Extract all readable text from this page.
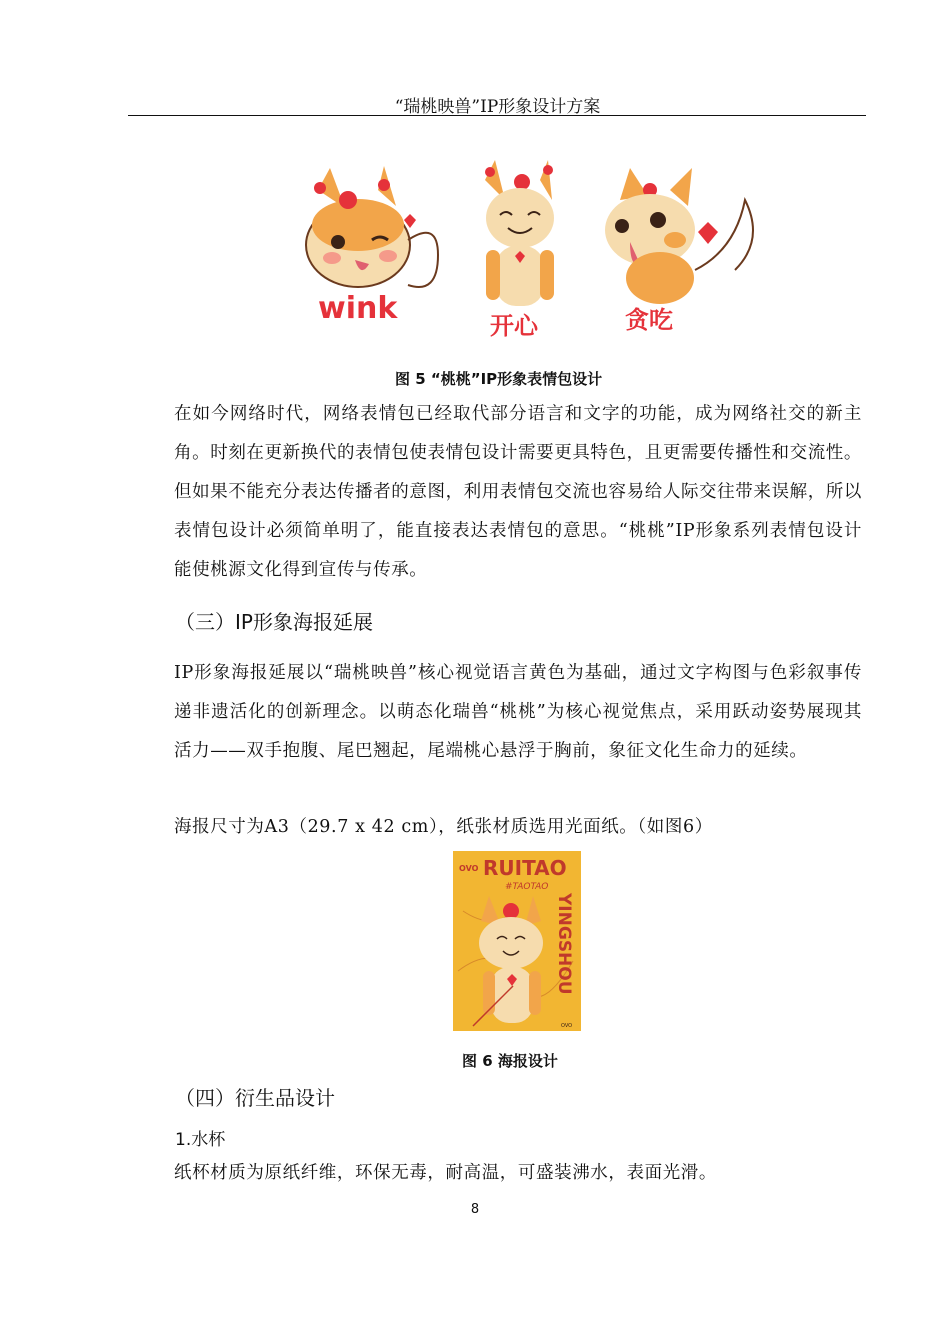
“瑞桃映兽”IP形象设计方案
wink	开心	贪吃
图 5 “桃桃”IP形象表情包设计
在如今网络时代，网络表情包已经取代部分语言和文字的功能，成为网络社交的新主角。时刻在更新换代的表情包使表情包设计需要更具特色，且更需要传播性和交流性。但如果不能充分表达传播者的意图，利用表情包交流也容易给人际交往带来误解，所以表情包设计必须简单明了，能直接表达表情包的意思。“桃桃”IP形象系列表情包设计能使桃源文化得到宣传与传承。
（三）IP形象海报延展
IP形象海报延展以“瑞桃映兽”核心视觉语言黄色为基础，通过文字构图与色彩叙事传递非遗活化的创新理念。以萌态化瑞兽“桃桃”为核心视觉焦点，采用跃动姿势展现其活力——双手抱腹、尾巴翘起，尾端桃心悬浮于胸前，象征文化生命力的延续。
海报尺寸为A3（29.7 x 42 cm），纸张材质选用光面纸。（如图6）
OVO RUITAO
#TAOTAO
YINGSHOU
OVO
图 6 海报设计
（四）衍生品设计
1.水杯
纸杯材质为原纸纤维，环保无毒，耐高温，可盛装沸水，表面光滑。
8
